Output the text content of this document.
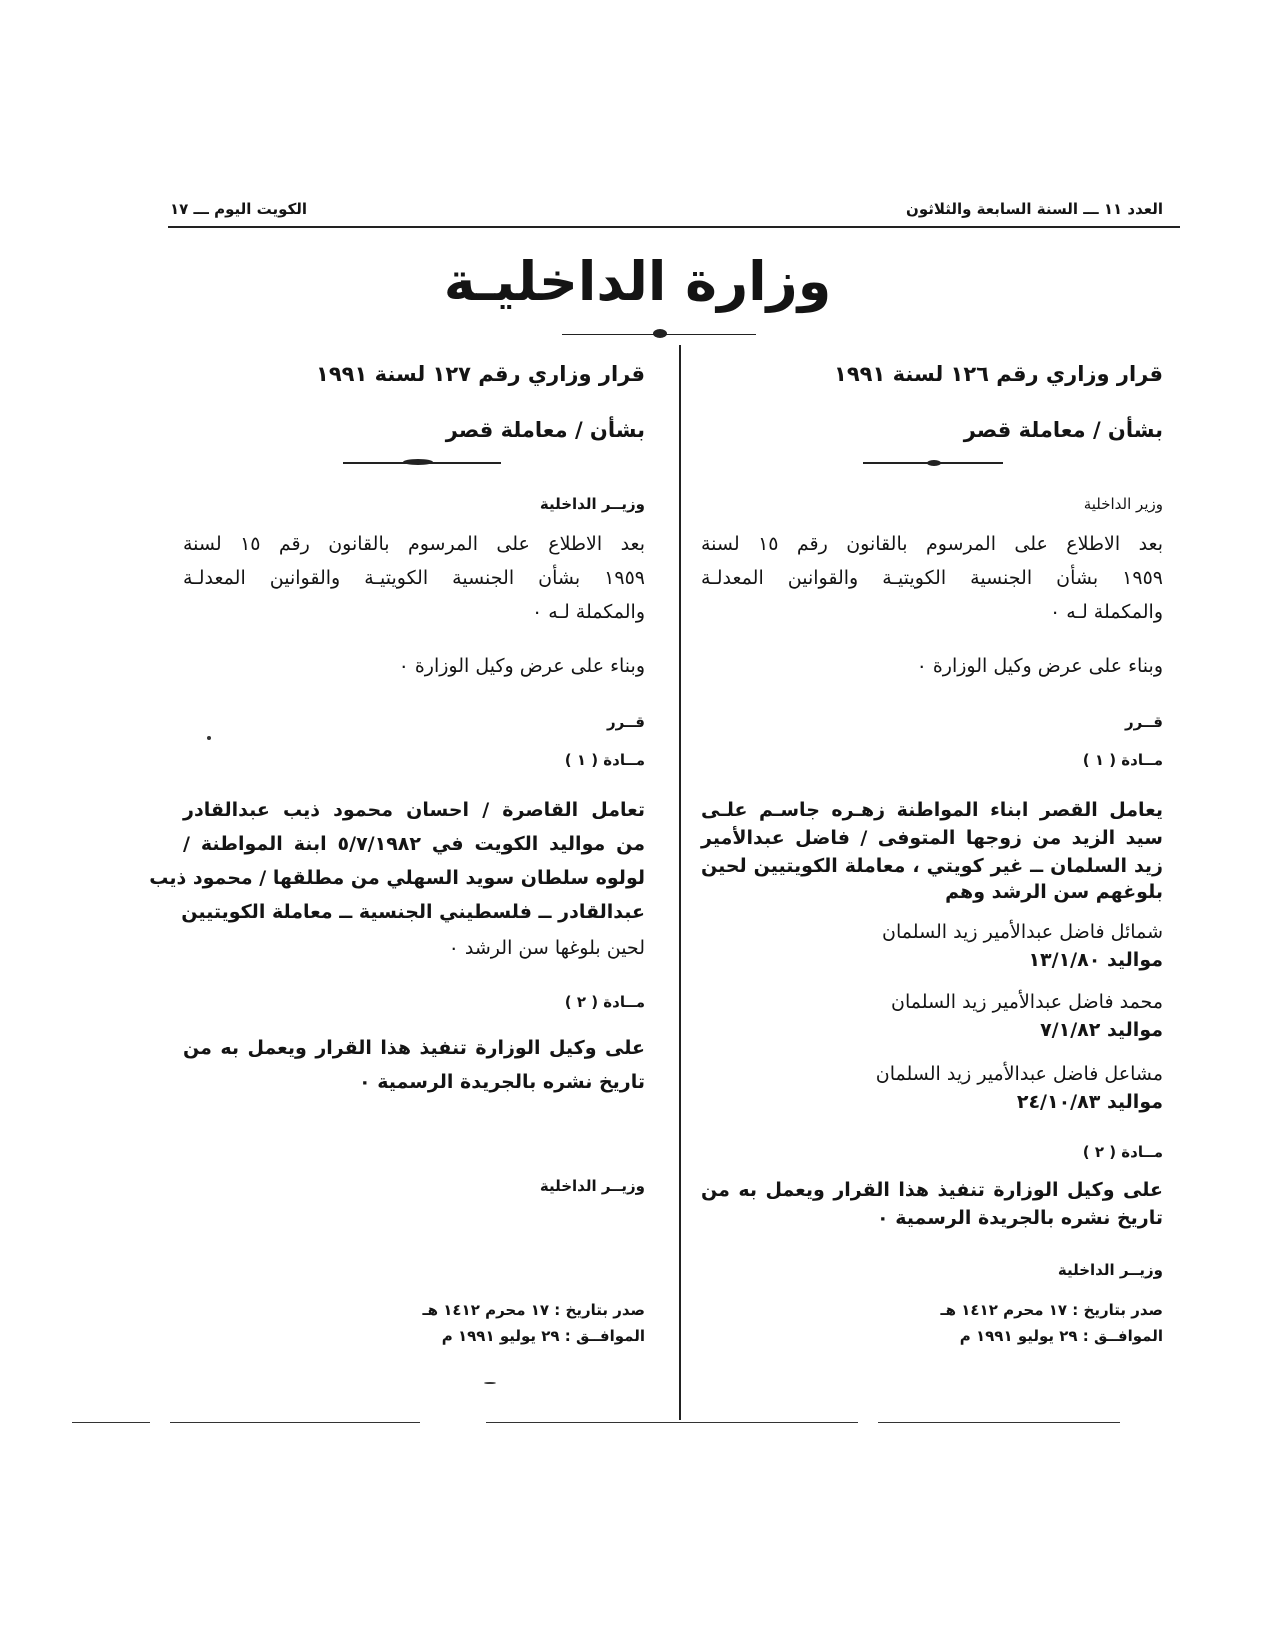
العدد ١١ ـــ السنة السابعة والثلاثون
الكويت اليوم ـــ ١٧
وزارة الداخليـة
قرار وزاري رقم ١٢٦ لسنة ١٩٩١
بشأن / معاملة قصر
وزير الداخلية
بعد الاطلاع على المرسوم بالقانون رقم ١٥ لسنة
١٩٥٩ بشأن الجنسية الكويتيـة والقوانين المعدلـة
والمكملة لـه ٠
وبناء على عرض وكيل الوزارة ٠
قــرر
مــادة ( ١ )
يعامل القصر ابناء المواطنة زهـره جاسـم علـى
سيد الزيد من زوجها المتوفى / فاضل عبدالأمير
زيد السلمان ــ غير كويتي ، معاملة الكويتيين لحين
بلوغهم سن الرشد وهم
شمائل فاضل عبدالأمير زيد السلمان
مواليد ١٣/١/٨٠
محمد فاضل عبدالأمير زيد السلمان
مواليد ٧/١/٨٢
مشاعل فاضل عبدالأمير زيد السلمان
مواليد ٢٤/١٠/٨٣
مــادة ( ٢ )
على وكيل الوزارة تنفيذ هذا القرار ويعمل به من
تاريخ نشره بالجريدة الرسمية ٠
وزيــر الداخلية
صدر بتاريخ : ١٧ محرم ١٤١٢ هـ
الموافــق : ٢٩ يوليو ١٩٩١ م
قرار وزاري رقم ١٢٧ لسنة ١٩٩١
بشأن / معاملة قصر
وزيــر الداخلية
بعد الاطلاع على المرسوم بالقانون رقم ١٥ لسنة
١٩٥٩ بشأن الجنسية الكويتيـة والقوانين المعدلـة
والمكملة لـه ٠
وبناء على عرض وكيل الوزارة ٠
قــرر
مــادة ( ١ )
تعامل القاصرة / احسان محمود ذيب عبدالقادر
من مواليد الكويت في ٥/٧/١٩٨٢ ابنة المواطنة /
لولوه سلطان سويد السهلي من مطلقها / محمود ذيب
عبدالقادر ــ فلسطيني الجنسية ــ معاملة الكويتيين
لحين بلوغها سن الرشد ٠
مــادة ( ٢ )
على وكيل الوزارة تنفيذ هذا القرار ويعمل به من
تاريخ نشره بالجريدة الرسمية ٠
وزيــر الداخلية
صدر بتاريخ : ١٧ محرم ١٤١٢ هـ
الموافــق : ٢٩ يوليو ١٩٩١ م
